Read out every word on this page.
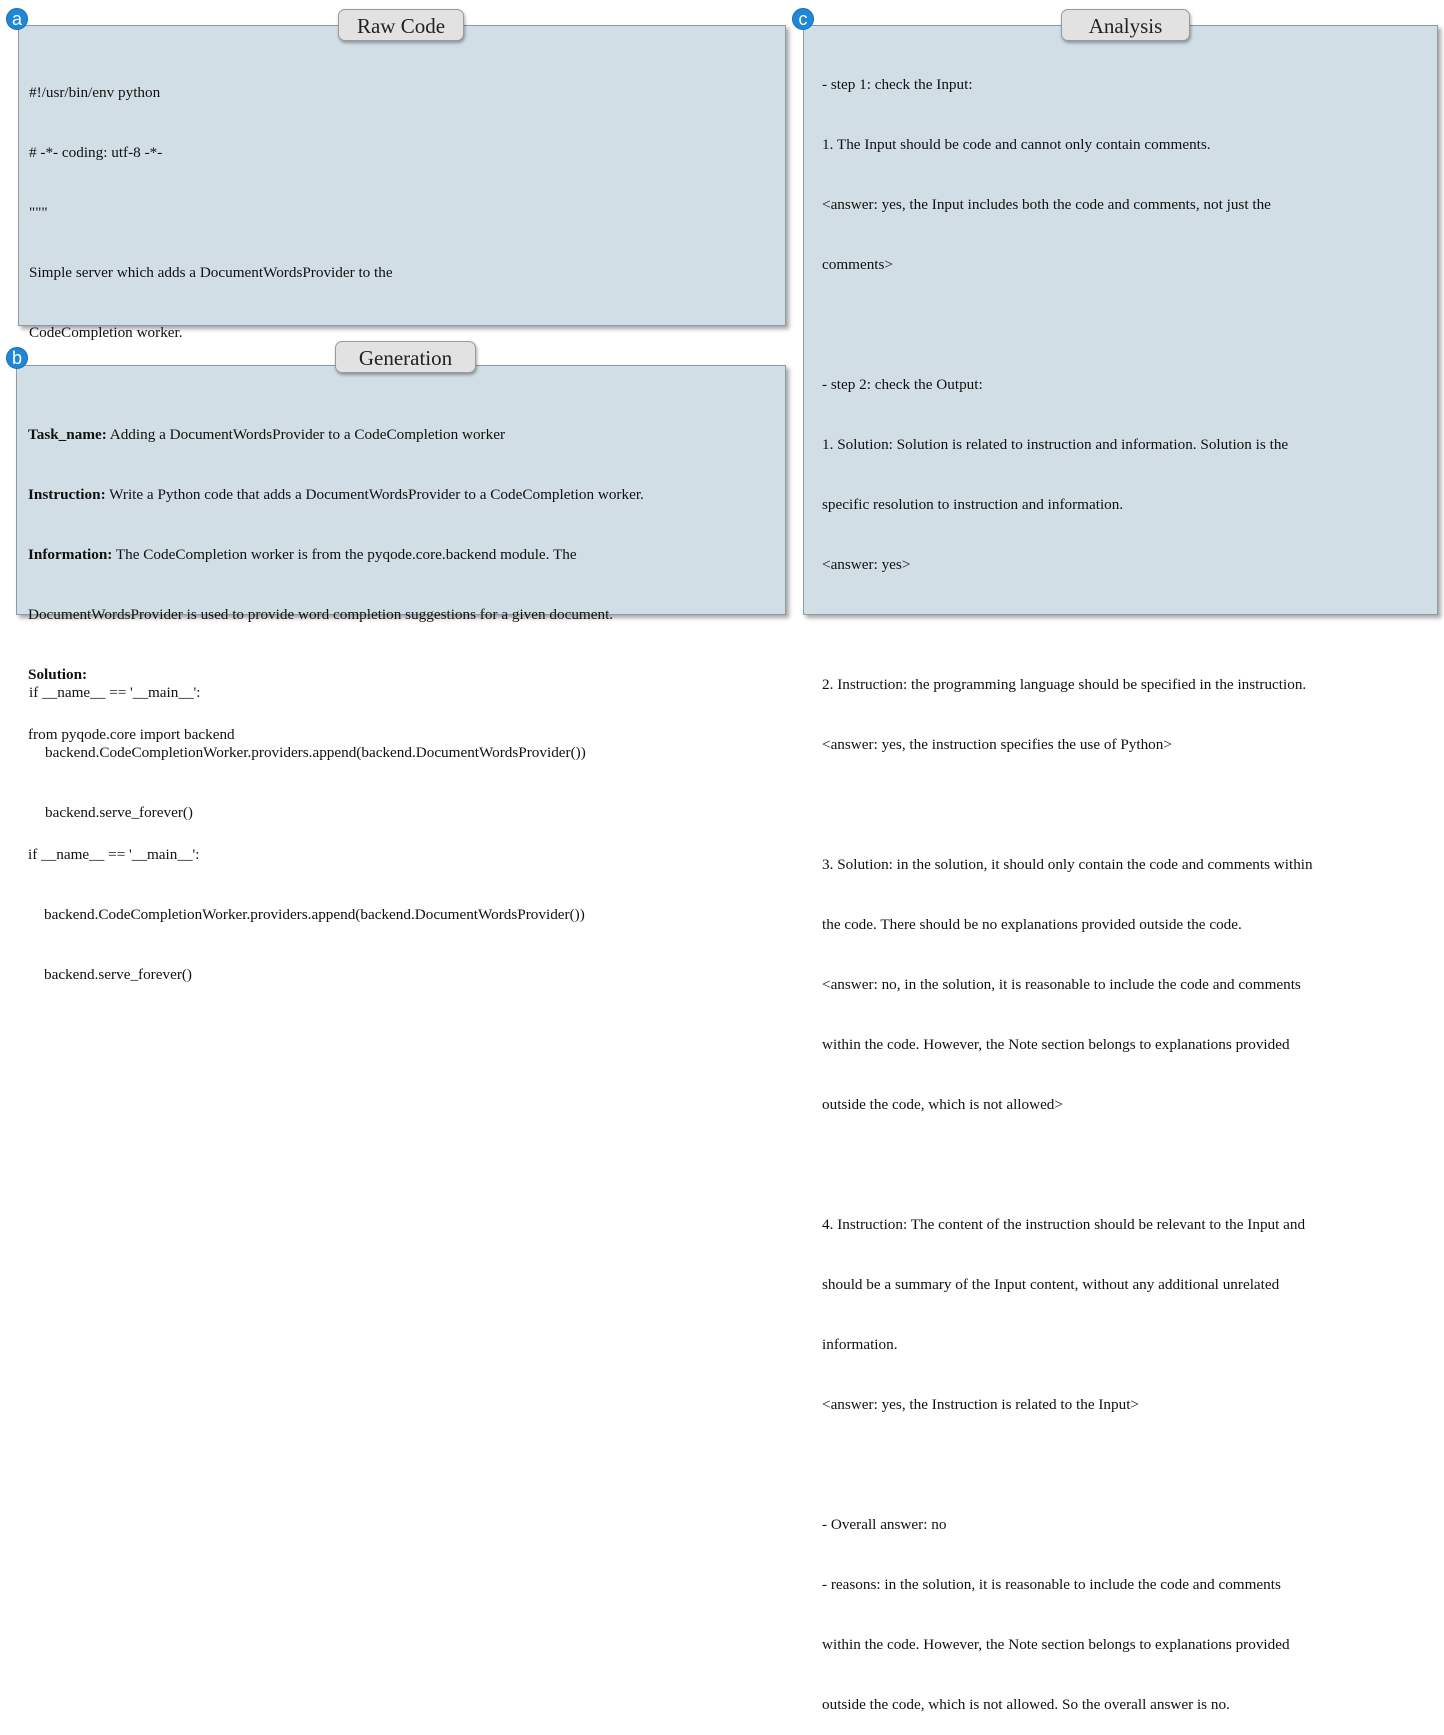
a	Raw Code

#!/usr/bin/env python

# -*- coding: utf-8 -*-

"""

Simple server which adds a DocumentWordsProvider to the

CodeCompletion worker.

if __name__ == '__main__':

backend.CodeCompletionWorker.providers.append(backend.DocumentWordsProvider())

backend.serve_forever()

b	Generation

Task_name: Adding a DocumentWordsProvider to a CodeCompletion worker

Instruction: Write a Python code that adds a DocumentWordsProvider to a CodeCompletion worker.

Information: The CodeCompletion worker is from the pyqode.core.backend module. The

DocumentWordsProvider is used to provide word completion suggestions for a given document.

Solution:

from pyqode.core import backend

if __name__ == '__main__':

backend.CodeCompletionWorker.providers.append(backend.DocumentWordsProvider())

backend.serve_forever()

c	Analysis

- step 1: check the Input:

1. The Input should be code and cannot only contain comments.

<answer: yes, the Input includes both the code and comments, not just the

comments>

- step 2: check the Output:

1. Solution: Solution is related to instruction and information. Solution is the

specific resolution to instruction and information.

<answer: yes>

2. Instruction: the programming language should be specified in the instruction.

<answer: yes, the instruction specifies the use of Python>

3. Solution: in the solution, it should only contain the code and comments within

the code. There should be no explanations provided outside the code.

<answer: no, in the solution, it is reasonable to include the code and comments

within the code. However, the Note section belongs to explanations provided

outside the code, which is not allowed>

4. Instruction: The content of the instruction should be relevant to the Input and

should be a summary of the Input content, without any additional unrelated

information.

<answer: yes, the Instruction is related to the Input>

- Overall answer: no

- reasons: in the solution, it is reasonable to include the code and comments

within the code. However, the Note section belongs to explanations provided

outside the code, which is not allowed. So the overall answer is no.
